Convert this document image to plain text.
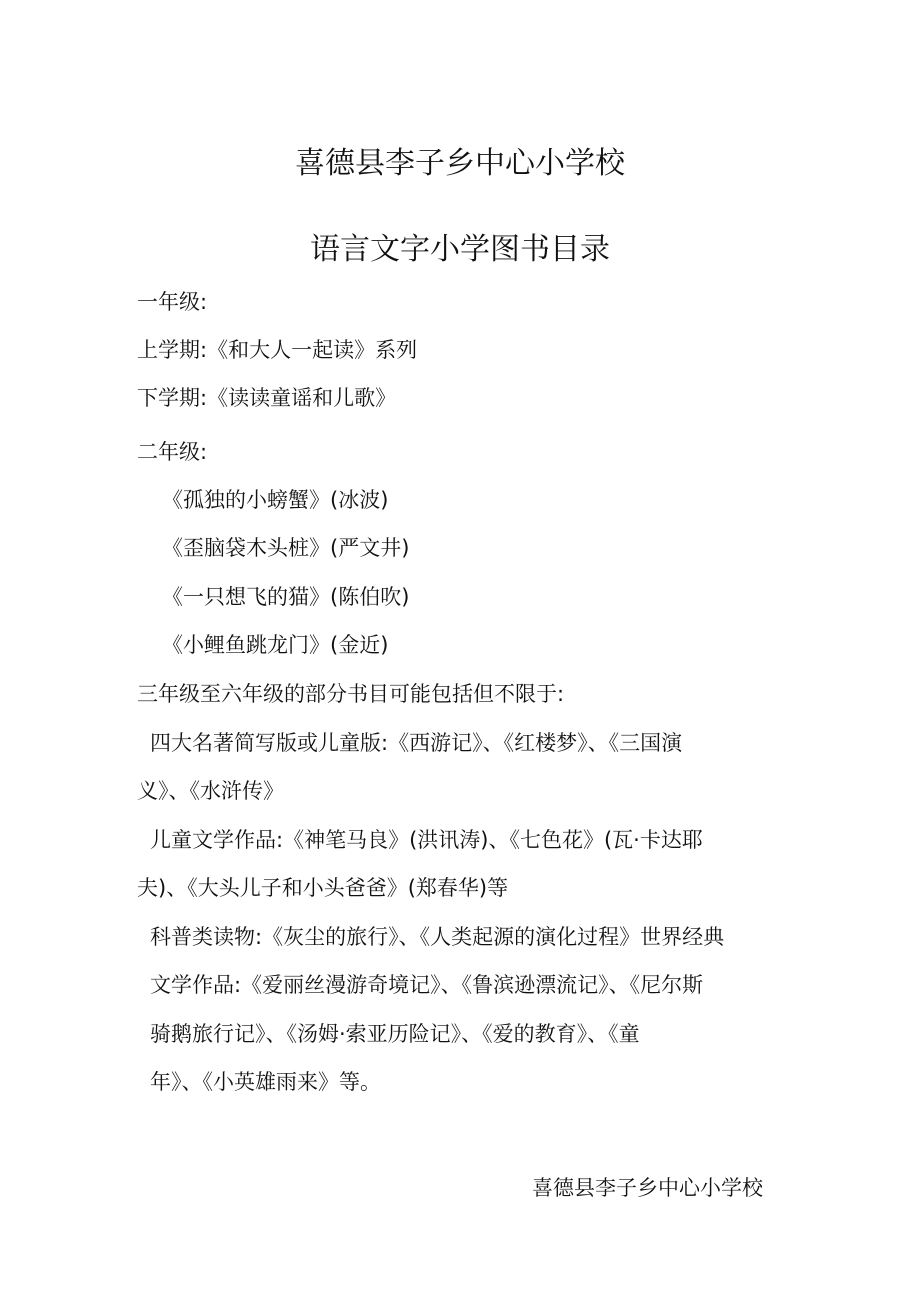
喜德县李子乡中心小学校
语言文字小学图书目录
一年级:
上学期:《和大人一起读》系列
下学期:《读读童谣和儿歌》
二年级:
《孤独的小螃蟹》(冰波)
《歪脑袋木头桩》(严文井)
《一只想飞的猫》(陈伯吹)
《小鲤鱼跳龙门》(金近)
三年级至六年级的部分书目可能包括但不限于:
四大名著简写版或儿童版:《西游记》、《红楼梦》、《三国演
义》、《水浒传》
儿童文学作品:《神笔马良》(洪讯涛)、《七色花》(瓦·卡达耶
夫)、《大头儿子和小头爸爸》(郑春华)等
科普类读物:《灰尘的旅行》、《人类起源的演化过程》世界经典
文学作品:《爱丽丝漫游奇境记》、《鲁滨逊漂流记》、《尼尔斯
骑鹅旅行记》、《汤姆·索亚历险记》、《爱的教育》、《童
年》、《小英雄雨来》等。
喜德县李子乡中心小学校
